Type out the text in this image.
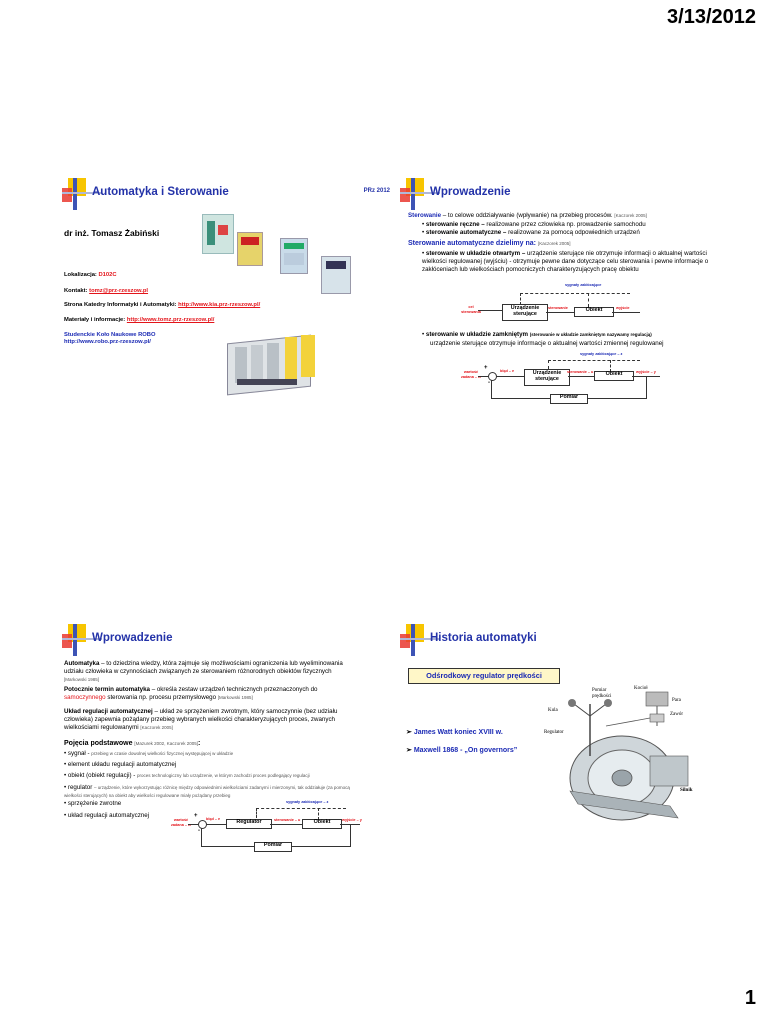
3/13/2012
Automatyka i Sterowanie	PRz 2012
dr inż. Tomasz Żabiński
Lokalizacja: D102C
Kontakt: tomz@prz-rzeszow.pl
Strona Katedry Informatyki i Automatyki: http://www.kia.prz-rzeszow.pl/
Materiały i informacje: http://www.tomz.prz-rzeszow.pl/
Studenckie Koło Naukowe ROBO
http://www.robo.prz-rzeszow.pl/
Wprowadzenie
Sterowanie – to celowe oddziaływanie (wpływanie) na przebieg procesów. [Kaczorek 2005]
• sterowanie ręczne – realizowane przez człowieka np. prowadzenie samochodu
• sterowanie automatyczne – realizowane za pomocą odpowiednich urządzeń
Sterowanie automatyczne dzielimy na: [Kaczorek 2005]
• sterowanie w układzie otwartym – urządzenie sterujące nie otrzymuje informacji o aktualnej wartości wielkości regulowanej (wyjściu) - otrzymuje pewne dane dotyczące celu sterowania i pewne informacje o zakłóceniach lub wielkościach pomocniczych charakteryzujących pracę obiektu
sygnały zakłócające
cel sterowania
Urządzenie sterujące
sterowanie	Obiekt	wyjście
• sterowanie w układzie zamkniętym (sterowanie w układzie zamkniętym nazywamy regulacją)
urządzenie sterujące otrzymuje informacje o aktualnej wartości zmiennej regulowanej
sygnały zakłócające – z
wartość zadana – w
+
-
błąd – e	Urządzenie sterujące
sterowanie – u	Obiekt	wyjście – y
Pomiar
Wprowadzenie
Automatyka – to dziedzina wiedzy, która zajmuje się możliwościami ograniczenia lub wyeliminowania udziału człowieka w czynnościach związanych ze sterowaniem różnorodnych obiektów fizycznych [Markowski 1985]
Potocznie termin automatyka – określa zestaw urządzeń technicznych przeznaczonych do samoczynnego sterowania np. procesu przemysłowego [Markowski 1985]
Układ regulacji automatycznej – układ ze sprzężeniem zwrotnym, który samoczynnie (bez udziału człowieka) zapewnia pożądany przebieg wybranych wielkości charakteryzujących proces, zwanych wielkościami regulowanymi [Kaczorek 2005]
Pojęcia podstawowe [Mazurek 2002, Kaczorek 2005]:
• sygnał - przebieg w czasie dowolnej wielkości fizycznej występującej w układzie
• element układu regulacji automatycznej
• obiekt (obiekt regulacji) - proces technologiczny lub urządzenie, w którym zachodzi proces podlegający regulacji
• regulator – urządzenie, które wykorzystując różnicę między odpowiednimi wielkościami zadanymi i mierzonymi, tak oddziałuje (za pomocą wielkości sterujących) na obiekt aby wielkości regulowane miały pożądany przebieg
• sprzężenie zwrotne
• układ regulacji automatycznej
sygnały zakłócające – z
wartość zadana – w
+
-
błąd – e	Regulator	sterowanie – u	Obiekt	wyjście – y
Pomiar
Historia automatyki
Odśrodkowy regulator prędkości
➢ James Watt koniec XVIII w.
➢ Maxwell 1868 - „On governors”
Pomiar prędkości
Kocioł
Para
Kula
Zawór
Regulator
Silnik
1
